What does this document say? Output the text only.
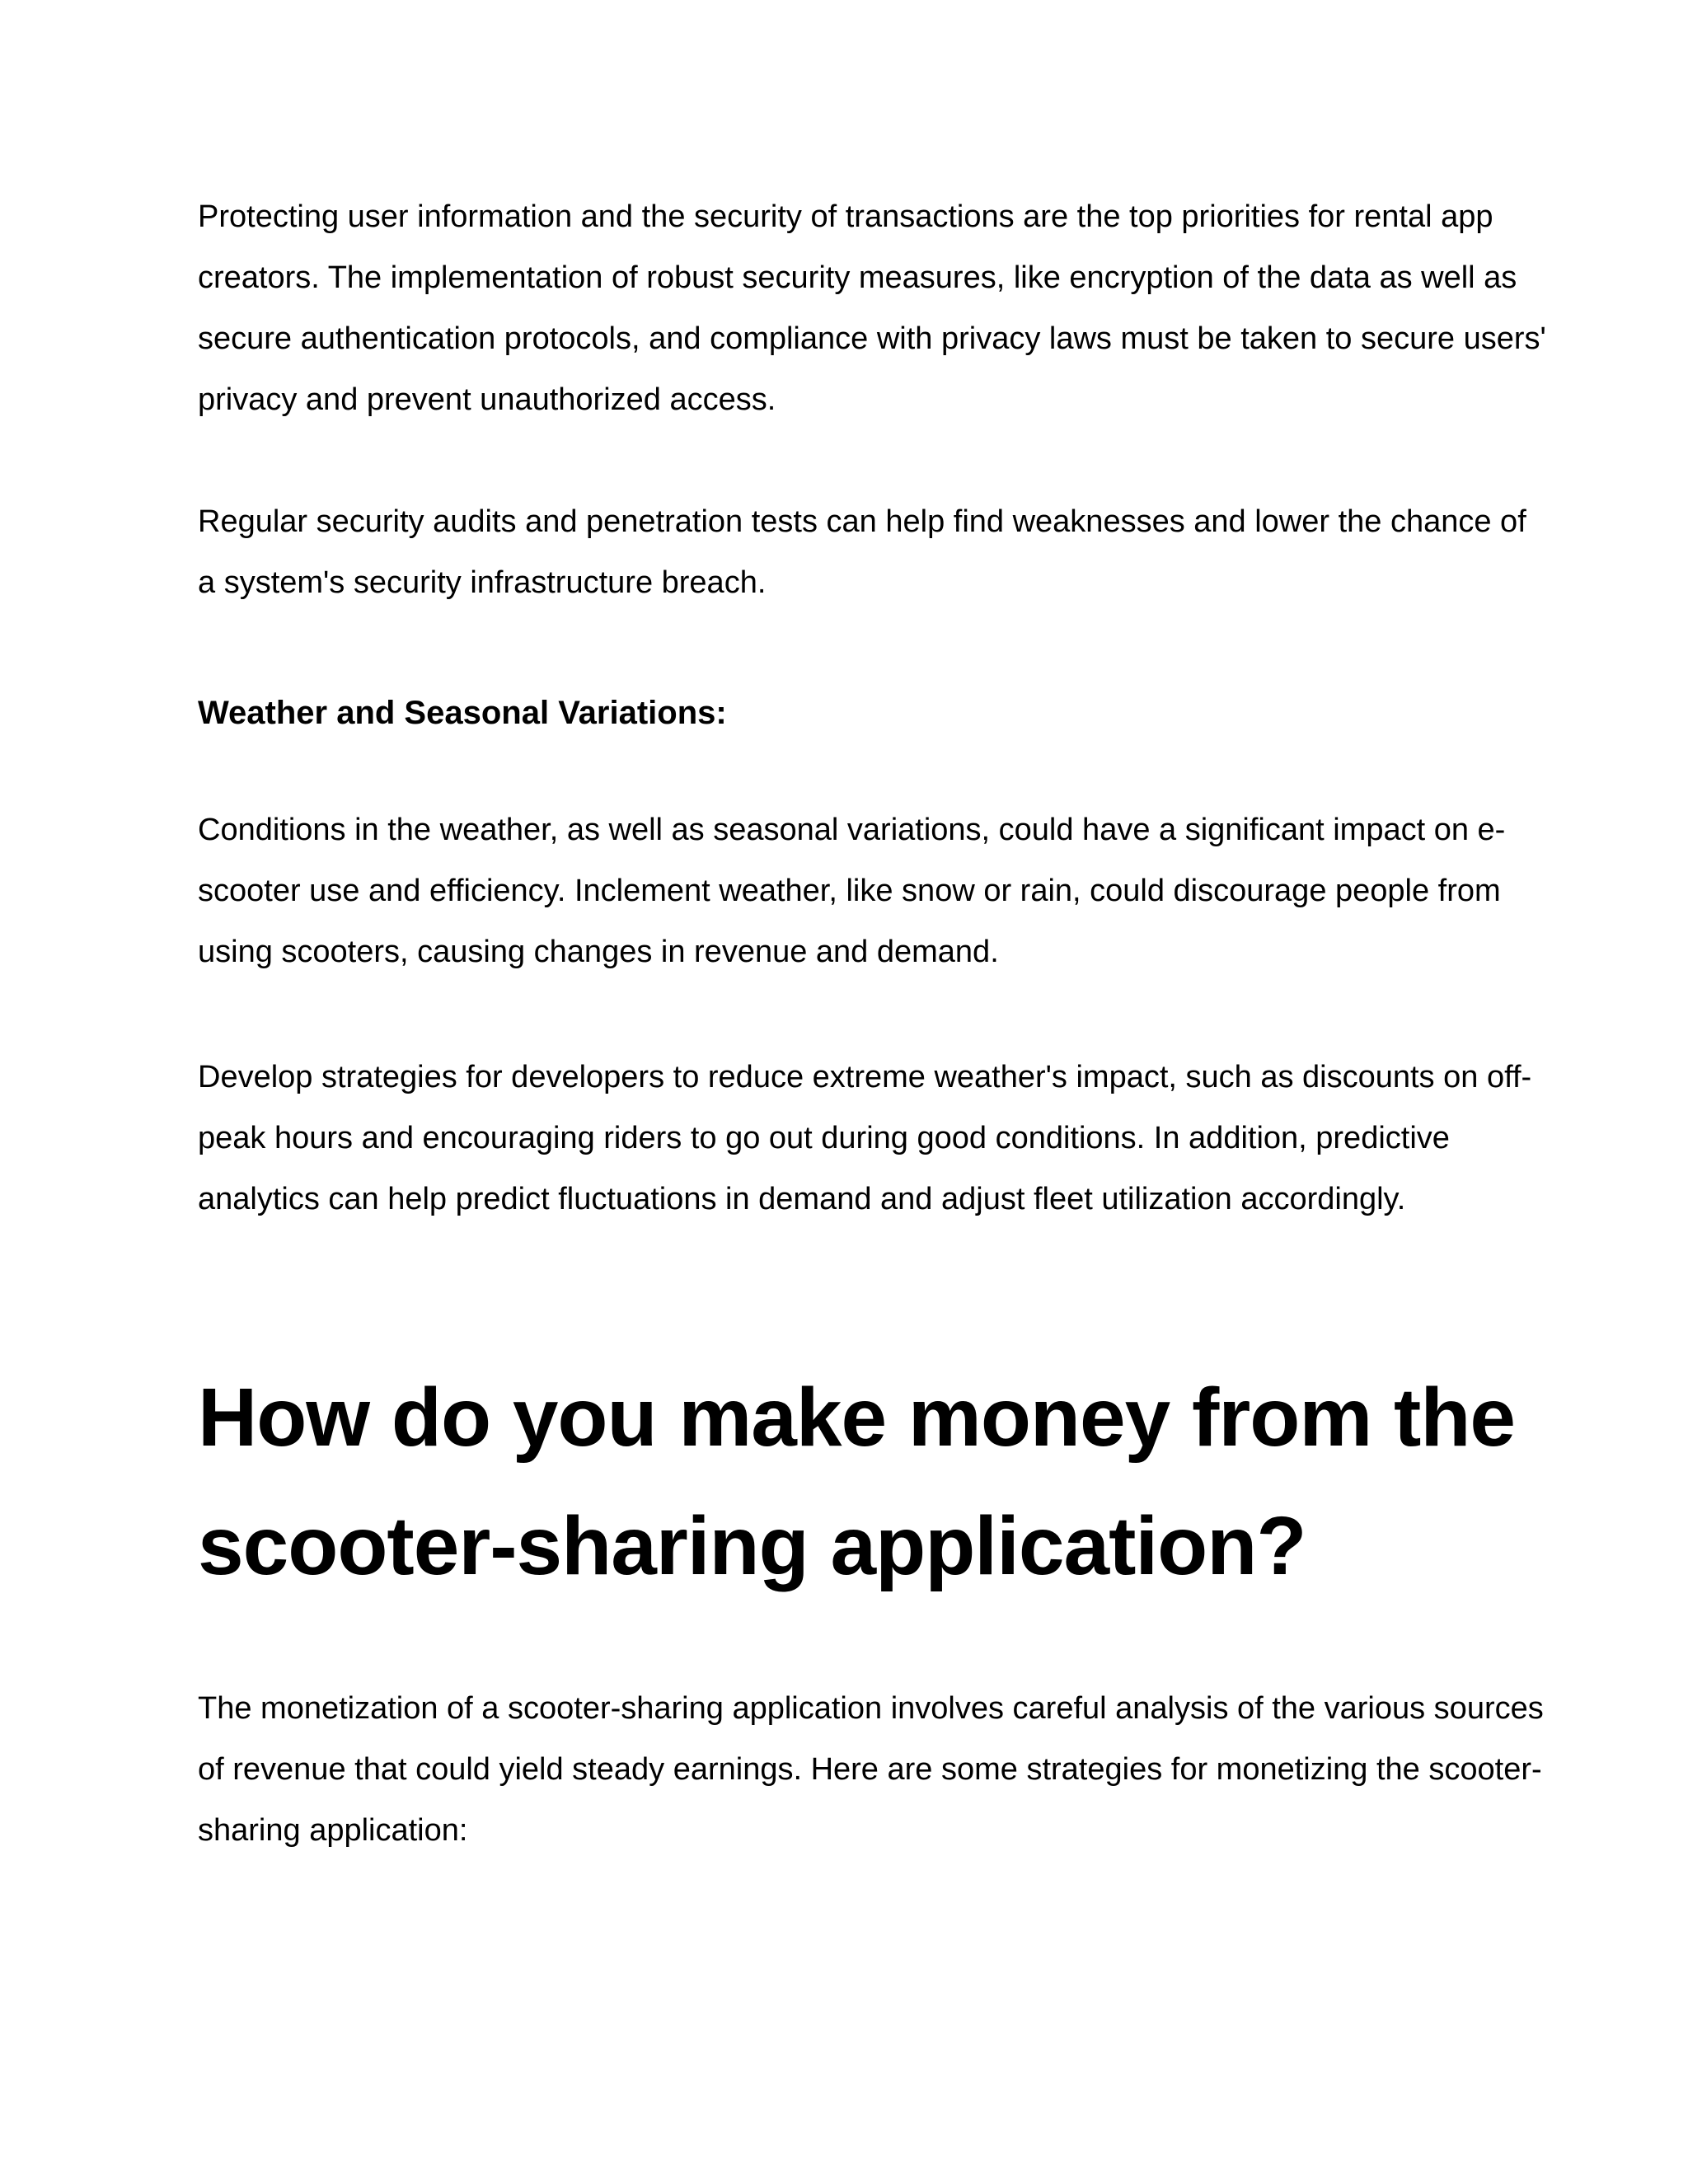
Protecting user information and the security of transactions are the top priorities for rental app creators. The implementation of robust security measures, like encryption of the data as well as secure authentication protocols, and compliance with privacy laws must be taken to secure users' privacy and prevent unauthorized access.

Regular security audits and penetration tests can help find weaknesses and lower the chance of a system's security infrastructure breach.

Weather and Seasonal Variations:

Conditions in the weather, as well as seasonal variations, could have a significant impact on e-scooter use and efficiency. Inclement weather, like snow or rain, could discourage people from using scooters, causing changes in revenue and demand.

Develop strategies for developers to reduce extreme weather's impact, such as discounts on off-peak hours and encouraging riders to go out during good conditions. In addition, predictive analytics can help predict fluctuations in demand and adjust fleet utilization accordingly.

How do you make money from the scooter-sharing application?

The monetization of a scooter-sharing application involves careful analysis of the various sources of revenue that could yield steady earnings. Here are some strategies for monetizing the scooter-sharing application:
